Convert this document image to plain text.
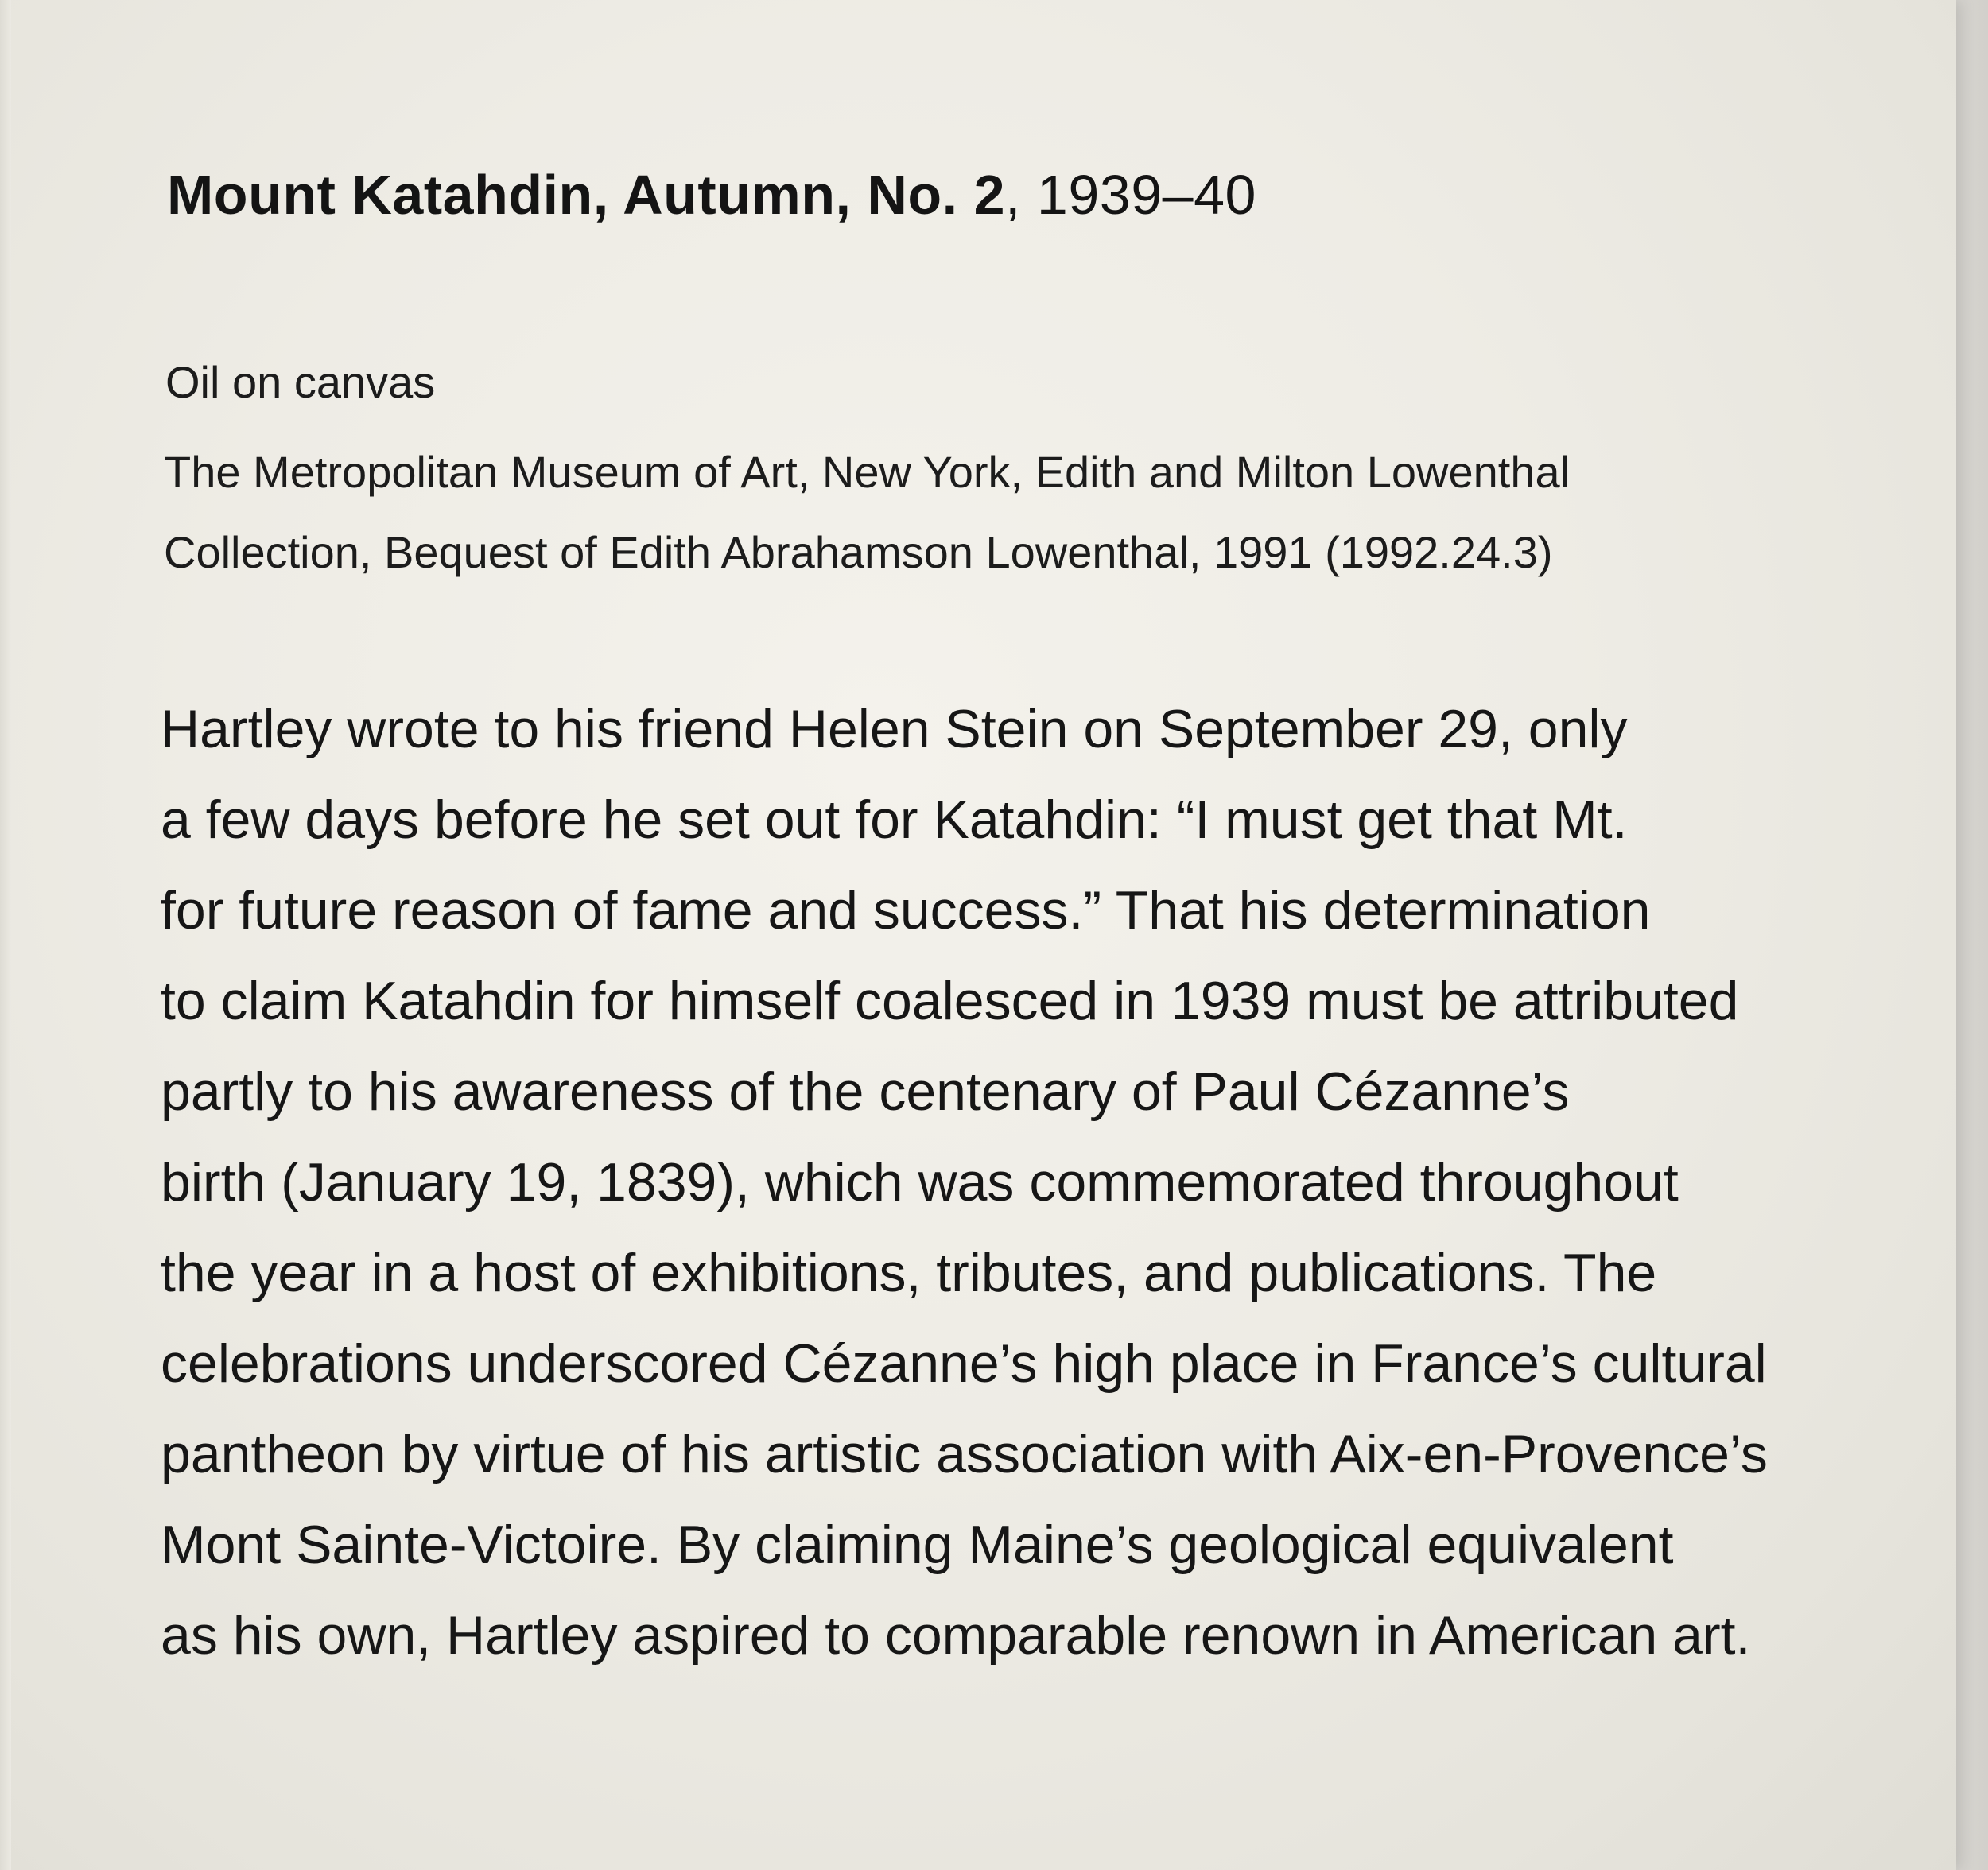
Mount Katahdin, Autumn, No. 2, 1939–40
Oil on canvas
The Metropolitan Museum of Art, New York, Edith and Milton Lowenthal
Collection, Bequest of Edith Abrahamson Lowenthal, 1991 (1992.24.3)
Hartley wrote to his friend Helen Stein on September 29, only
a few days before he set out for Katahdin: “I must get that Mt.
for future reason of fame and success.” That his determination
to claim Katahdin for himself coalesced in 1939 must be attributed
partly to his awareness of the centenary of Paul Cézanne’s
birth (January 19, 1839), which was commemorated throughout
the year in a host of exhibitions, tributes, and publications. The
celebrations underscored Cézanne’s high place in France’s cultural
pantheon by virtue of his artistic association with Aix-en-Provence’s
Mont Sainte-Victoire. By claiming Maine’s geological equivalent
as his own, Hartley aspired to comparable renown in American art.
